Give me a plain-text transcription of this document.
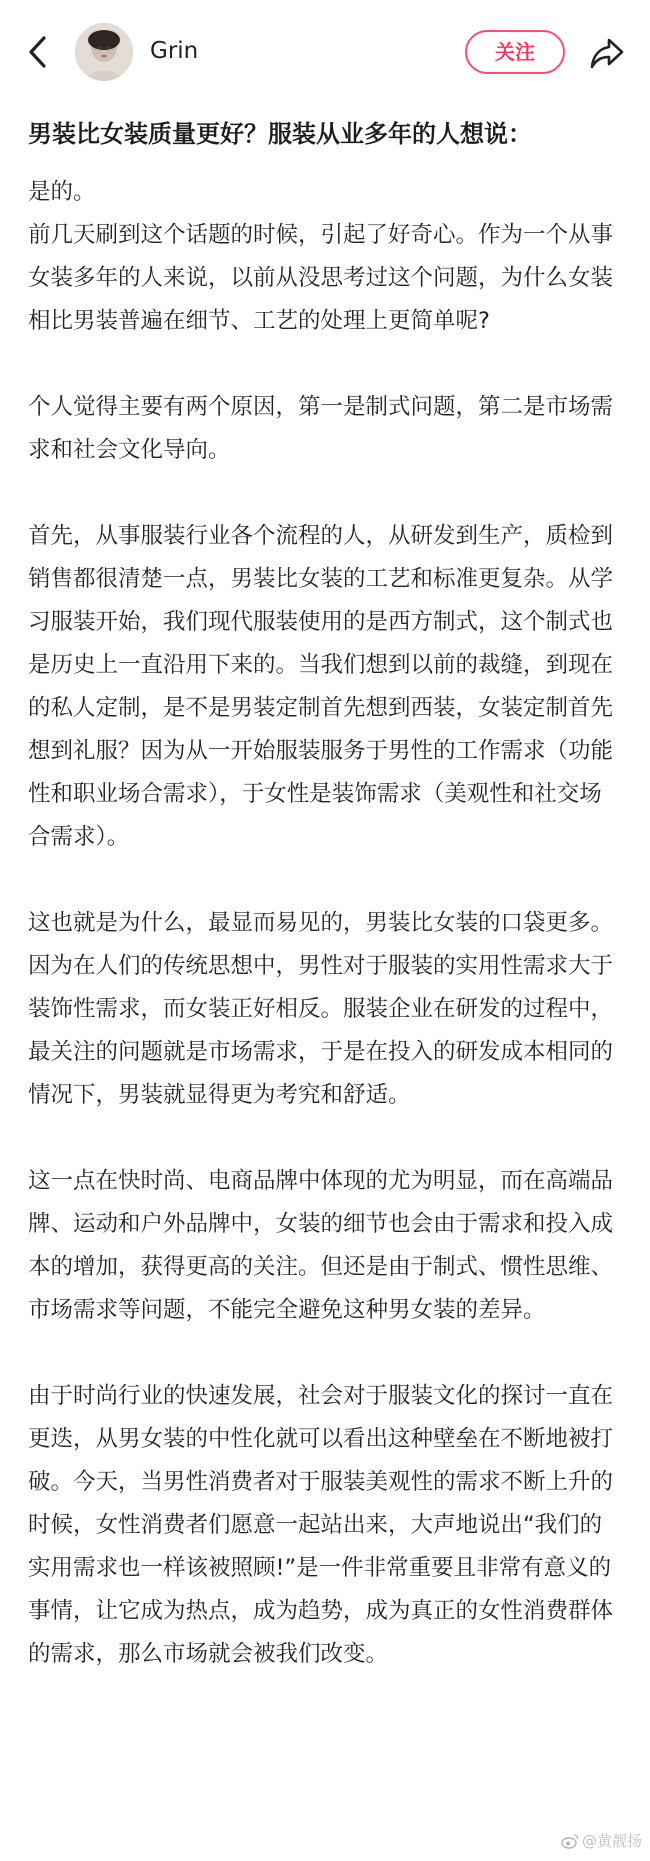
Grin	关注
男装比女装质量更好？服装从业多年的人想说：

是的。

前几天刷到这个话题的时候，引起了好奇心。作为一个从事女装多年的人来说，以前从没思考过这个问题，为什么女装相比男装普遍在细节、工艺的处理上更简单呢?

个人觉得主要有两个原因，第一是制式问题，第二是市场需求和社会文化导向。

首先，从事服装行业各个流程的人，从研发到生产，质检到销售都很清楚一点，男装比女装的工艺和标准更复杂。从学习服装开始，我们现代服装使用的是西方制式，这个制式也是历史上一直沿用下来的。当我们想到以前的裁缝，到现在的私人定制，是不是男装定制首先想到西装，女装定制首先想到礼服？因为从一开始服装服务于男性的工作需求（功能性和职业场合需求），于女性是装饰需求（美观性和社交场合需求）。

这也就是为什么，最显而易见的，男装比女装的口袋更多。因为在人们的传统思想中，男性对于服装的实用性需求大于装饰性需求，而女装正好相反。服装企业在研发的过程中，最关注的问题就是市场需求，于是在投入的研发成本相同的情况下，男装就显得更为考究和舒适。

这一点在快时尚、电商品牌中体现的尤为明显，而在高端品牌、运动和户外品牌中，女装的细节也会由于需求和投入成本的增加，获得更高的关注。但还是由于制式、惯性思维、市场需求等问题，不能完全避免这种男女装的差异。

由于时尚行业的快速发展，社会对于服装文化的探讨一直在更迭，从男女装的中性化就可以看出这种壁垒在不断地被打破。今天，当男性消费者对于服装美观性的需求不断上升的时候，女性消费者们愿意一起站出来，大声地说出“我们的实用需求也一样该被照顾!”是一件非常重要且非常有意义的事情，让它成为热点，成为趋势，成为真正的女性消费群体的需求，那么市场就会被我们改变。

@黄靓扬
